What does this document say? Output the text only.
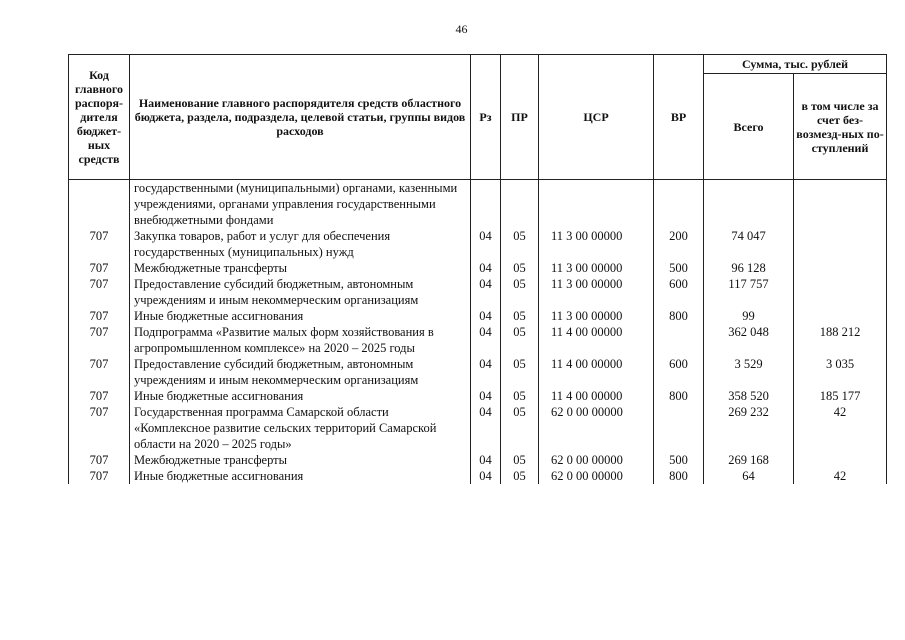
46
Код главного распоря-дителя бюджет-ных средств	Наименование главного распорядителя средств областного бюджета, раздела, подраздела, целевой статьи, группы видов расходов	Рз	ПР	ЦСР	ВР	Сумма, тыс. рублей	
						Всего	в том числе за счет без-возмезд-ных по-ступлений
	государственными (муниципальными) органами, казенными учреждениями, органами управления государственными внебюджетными фондами						
707	Закупка товаров, работ и услуг для обеспечения государственных (муниципальных) нужд	04	05	11 3 00 00000	200	74 047	
707	Межбюджетные трансферты	04	05	11 3 00 00000	500	96 128	
707	Предоставление субсидий бюджетным, автономным учреждениям и иным некоммерческим организациям	04	05	11 3 00 00000	600	117 757	
707	Иные бюджетные ассигнования	04	05	11 3 00 00000	800	99	
707	Подпрограмма «Развитие малых форм хозяйствования в агропромышленном комплексе» на 2020 – 2025 годы	04	05	11 4 00 00000		362 048	188 212
707	Предоставление субсидий бюджетным, автономным учреждениям и иным некоммерческим организациям	04	05	11 4 00 00000	600	3 529	3 035
707	Иные бюджетные ассигнования	04	05	11 4 00 00000	800	358 520	185 177
707	Государственная программа Самарской области «Комплексное развитие сельских территорий Самарской области на 2020 – 2025 годы»	04	05	62 0 00 00000		269 232	42
707	Межбюджетные трансферты	04	05	62 0 00 00000	500	269 168	
707	Иные бюджетные ассигнования	04	05	62 0 00 00000	800	64	42
